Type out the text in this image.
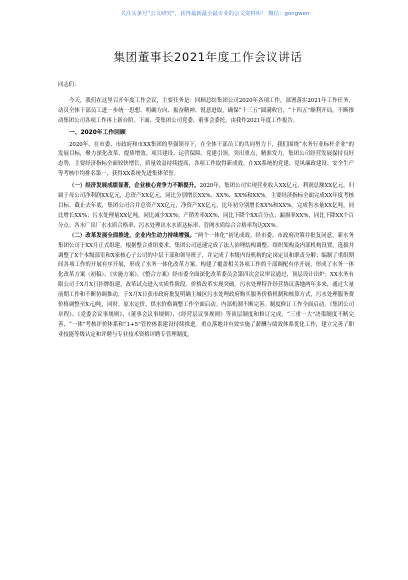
关注头条号“公文研究”，获得最新最全最专业的公文资料库！ 微信：gongwen
集团董事长2021年度工作会议讲话

同志们：

今天，我们在这里召开年度工作会议，主要任务是：回顾总结集团公司2020年各项工作，部署落实2021年工作任务，动员全体干部员工进一步统一思想、明确方向、振奋精神、锐意进取，确保“十三五”圆满收官，“十四五”顺利开局，不断推动集团公司各项工作再上新台阶。下面，受集团公司党委、董事会委托，由我作2021年度工作报告。

一、2020年工作回顾

2020年，在市委、市政府和市XX集团的坚强领导下，在全体干部员工的共同努力下，我们围绕“水务行业标杆企业”的发展目标，聚力深化改革、提质增效、项目建设、运营保障、党建引领，突出重点，精准发力，集团公司经营发展保持良好态势，主要经济指标全面较快增长，质量效益持续提高，各项工作取得新成效。在XX系统的党建、党风廉政建设、安全生产等考核中均排名第一，获得XX系统先进集体荣誉。

（一）经济发展成绩显著，企业核心竞争力不断提升。2020年，集团公司实现营业收入XX亿元，利润总额XX亿元，归属于母公司净利润XX亿元，总资产XX亿元，同比分别增长XX%、XX%、XX%和XX%。主要经济指标全面完成XX年度考核目标。截止去年底，集团公司合并总资产XX亿元，净资产XX亿元，比年初分别增长XX%和XX%。完成售水量XX亿吨，同比增长XX%；污水处理量XX亿吨，同比减少XX%；产销差率XX%，同比下降个XX百分点；漏损率XX%，同比下降XX个百分点；各水厂出厂水水质合格率、污水处理出水水质达标率、管网水质综合合格率均达XX%。

（二）改革发展全面推进，企业内生动力持续增强。“两个一体化”初见成效。经市委、市政府决策并批复同意，新水务集团公司于XX月正式组建。根据整合重组要求，集团公司迅速完成了法人治理结构调整、组织架构及内部机构设置，选拔并调整了X个本级部室和X家核心子公司的中层干部和领导班子，并完成了本级内设机构的定岗定员和职责分解；编制了重组期间各项工作的开展有序开展，形成了水务一体化改革方案，构建了覆盖相关各项工作的干部调配有序开展，形成了水务一体化改革方案（初稿）、《实施方案》、《整合方案》经市委全面深化改革委员会第四次会议审议通过，顶层设计出炉；XX水务有限公司于X月X日挂牌组建，改革试点进入实质性阶段。价格改革实现突破。污水处理特许经营协议落地两年多来，通过大量前期工作和不断协调推动，于X月X日获市政府批复明确主城区污水处理政府购买服务价格机制和核算方式，污水处理服务费价格调整至X元/吨，同时，原水定价、供水价格调整工作全面启动。内部机制不断完善。制度修订工作全面启动，《集团公司章程》、《党委会议事规则》、《董事会议事规则》、《经营层议事规则》等顶层制度和修订完成，“三重一大”决策制度不断完善，“一体”考核评价体系和“1+5”管控体系建设持续推进。重点落地并有效实施了薪酬与绩效体系优化工作，建立完善了职业技能等级认定和评聘与专业技术资格评聘专管理制度。
